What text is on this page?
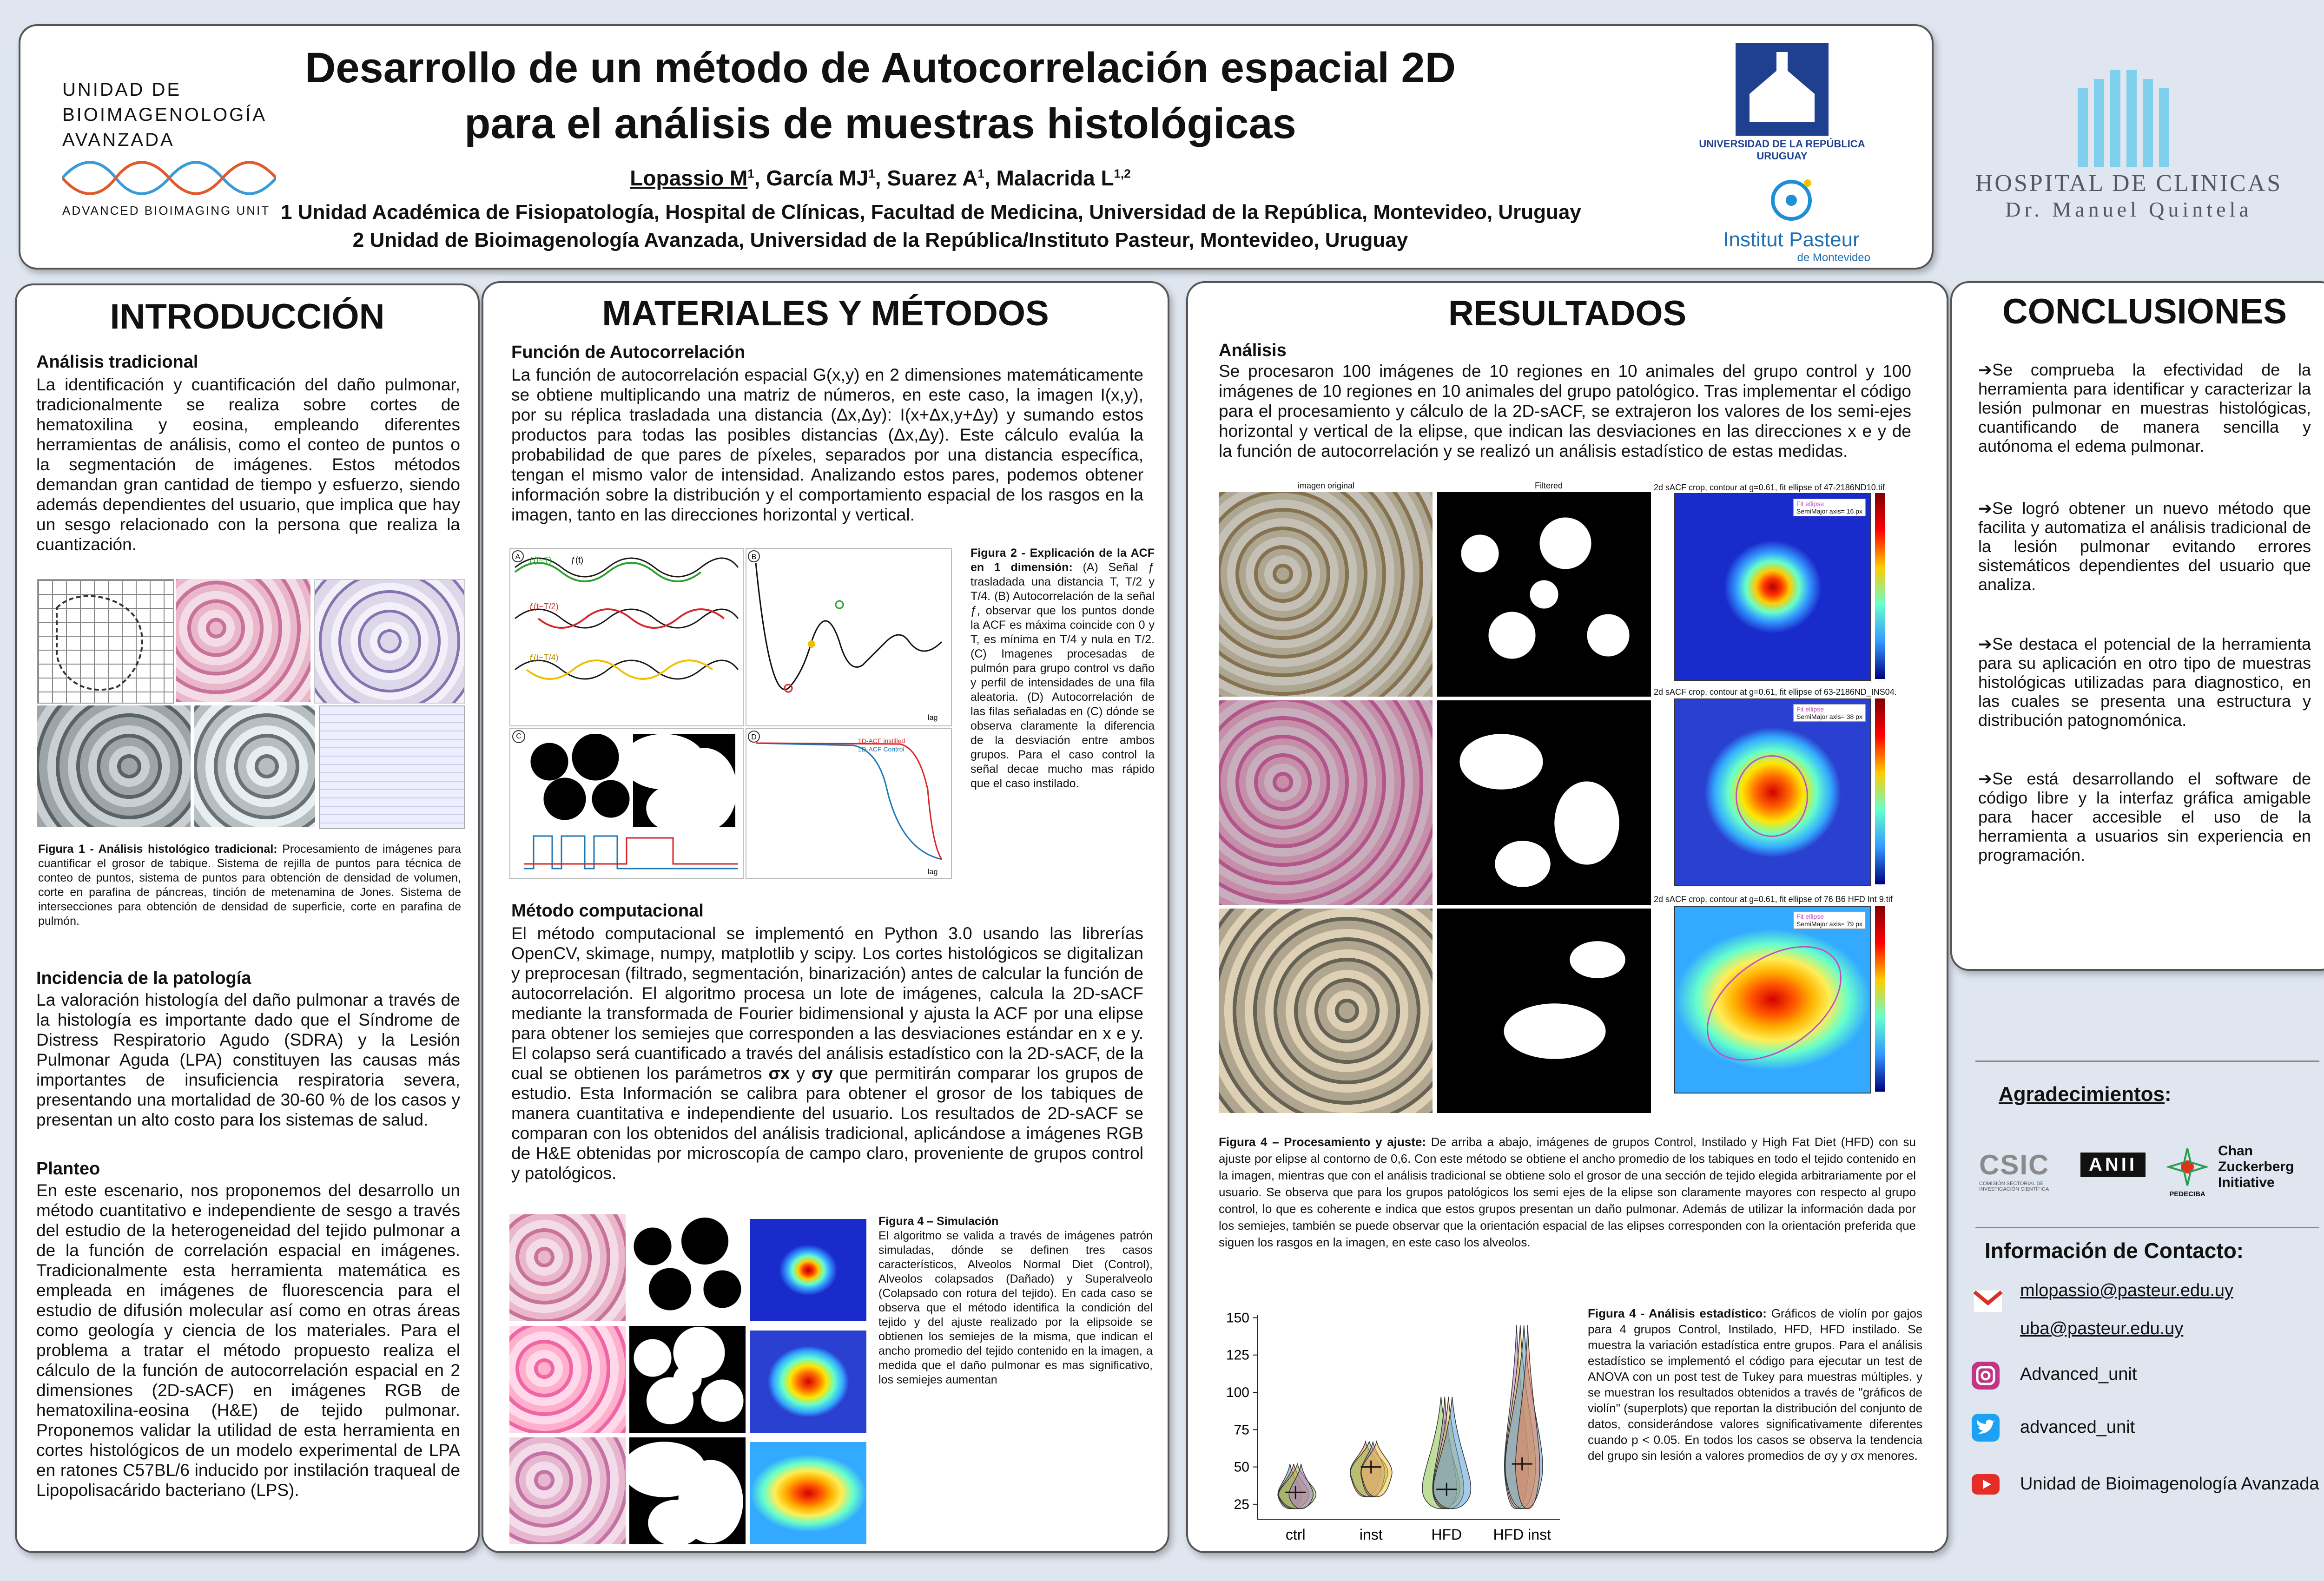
UNIDAD DE
BIOIMAGENOLOGÍA
AVANZADA
ADVANCED BIOIMAGING UNIT
Desarrollo de un método de Autocorrelación espacial 2D
para el análisis de muestras histológicas
Lopassio $M^1$, García $MJ^1$, Suarez $A^1$, Malacrida L$^{1,2}$
1 Unidad Académica de Fisiopatología, Hospital de Clínicas, Facultad de Medicina, Universidad de la República, Montevideo, Uruguay
2 Unidad de Bioimagenología Avanzada, Universidad de la República/Instituto Pasteur, Montevideo, Uruguay
UNIVERSIDAD DE LA REPÚBLICA
URUGUAY
Institut Pasteur
de Montevideo
HOSPITAL DE CLINICAS
Dr. Manuel Quintela
INTRODUCCIÓN
Análisis tradicional
La identificación y cuantificación del daño pulmonar, tradicionalmente se realiza sobre cortes de hematoxilina y eosina, empleando diferentes herramientas de análisis, como el conteo de puntos o la segmentación de imágenes. Estos métodos demandan gran cantidad de tiempo y esfuerzo, siendo además dependientes del usuario, que implica que hay un sesgo relacionado con la persona que realiza la cuantización.
Figura 1 - Análisis histológico tradicional: Procesamiento de imágenes para cuantificar el grosor de tabique. Sistema de rejilla de puntos para técnica de conteo de puntos, sistema de puntos para obtención de densidad de volumen, corte en parafina de páncreas, tinción de metenamina de Jones. Sistema de intersecciones para obtención de densidad de superficie, corte en parafina de pulmón.
Incidencia de la patología
La valoración histología del daño pulmonar a través de la histología es importante dado que el Síndrome de Distress Respiratorio Agudo (SDRA) y la Lesión Pulmonar Aguda (LPA) constituyen las causas más importantes de insuficiencia respiratoria severa, presentando una mortalidad de 30-60 % de los casos y presentan un alto costo para los sistemas de salud.
Planteo
En este escenario, nos proponemos del desarrollo un método cuantitativo e independiente de sesgo a través del estudio de la heterogeneidad del tejido pulmonar a de la función de correlación espacial en imágenes. Tradicionalmente esta herramienta matemática es empleada en imágenes de fluorescencia para el estudio de difusión molecular así como en otras áreas como geología y ciencia de los materiales. Para el problema a tratar el método propuesto realiza el cálculo de la función de autocorrelación espacial en 2 dimensiones (2D-sACF) en imágenes RGB de hematoxilina-eosina (H&E) de tejido pulmonar. Proponemos validar la utilidad de esta herramienta en cortes histológicos de un modelo experimental de LPA en ratones C57BL/6 inducido por instilación traqueal de Lipopolisacárido bacteriano (LPS).
MATERIALES Y MÉTODOS
Función de Autocorrelación
La función de autocorrelación espacial G(x,y) en 2 dimensiones matemáticamente se obtiene multiplicando una matriz de números, en este caso, la imagen I(x,y), por su réplica trasladada una distancia (Δx,Δy): I(x+Δx,y+Δy) y sumando estos productos para todas las posibles distancias (Δx,Δy). Este cálculo evalúa la probabilidad de que pares de píxeles, separados por una distancia específica, tengan el mismo valor de intensidad. Analizando estos pares, podemos obtener información sobre la distribución y el comportamiento espacial de los rasgos en la imagen, tanto en las direcciones horizontal y vertical.
A ƒ(t−T)
ƒ(t−T/2)
ƒ(t−T/4)
ƒ(t)	B
lag
C	D	1D-ACF instilled
1D-ACF Control
lag
Figura 2 - Explicación de la ACF en 1 dimensión: (A) Señal ƒ trasladada una distancia T, T/2 y T/4. (B) Autocorrelación de la señal ƒ, observar que los puntos donde la ACF es máxima coincide con 0 y T, es mínima en T/4 y nula en T/2. (C) Imagenes procesadas de pulmón para grupo control vs daño y perfil de intensidades de una fila aleatoria. (D) Autocorrelación de las filas señaladas en (C) dónde se observa claramente la diferencia de la desviación entre ambos grupos. Para el caso control la señal decae mucho mas rápido que el caso instilado.
Método computacional
El método computacional se implementó en Python 3.0 usando las librerías OpenCV, skimage, numpy, matplotlib y scipy. Los cortes histológicos se digitalizan y preprocesan (filtrado, segmentación, binarización) antes de calcular la función de autocorrelación. El algoritmo procesa un lote de imágenes, calcula la 2D-sACF mediante la transformada de Fourier bidimensional y ajusta la ACF por una elipse para obtener los semiejes que corresponden a las desviaciones estándar en x e y. El colapso será cuantificado a través del análisis estadístico con la 2D-sACF, de la cual se obtienen los parámetros σx y σy que permitirán comparar los grupos de estudio. Esta Información se calibra para obtener el grosor de los tabiques de manera cuantitativa e independiente del usuario. Los resultados de 2D-sACF se comparan con los obtenidos del análisis tradicional, aplicándose a imágenes RGB de H&E obtenidas por microscopía de campo claro, proveniente de grupos control y patológicos.
Figura 4 – Simulación
El algoritmo se valida a través de imágenes patrón simuladas, dónde se definen tres casos característicos, Alveolos Normal Diet (Control), Alveolos colapsados (Dañado) y Superalveolo (Colapsado con rotura del tejido). En cada caso se observa que el método identifica la condición del tejido y del ajuste realizado por la elipsoide se obtienen los semiejes de la misma, que indican el ancho promedio del tejido contenido en la imagen, a medida que el daño pulmonar es mas significativo, los semiejes aumentan
RESULTADOS
Análisis
Se procesaron 100 imágenes de 10 regiones en 10 animales del grupo control y 100 imágenes de 10 regiones en 10 animales del grupo patológico. Tras implementar el código para el procesamiento y cálculo de la 2D-sACF, se extrajeron los valores de los semi-ejes horizontal y vertical de la elipse, que indican las desviaciones en las direcciones x e y de la función de autocorrelación y se realizó un análisis estadístico de estas medidas.
imagen original	Filtered	2d sACF crop, contour at g=0.61, fit ellipse of 47-2186ND10.tif
Fit ellipse
SemiMajor axis= 16 px
2d sACF crop, contour at g=0.61, fit ellipse of 63-2186ND_INS04.
Fit ellipse
SemiMajor axis= 38 px
2d sACF crop, contour at g=0.61, fit ellipse of 76 B6 HFD Int 9.tif
Fit ellipse
SemiMajor axis= 79 px
Figura 4 – Procesamiento y ajuste: De arriba a abajo, imágenes de grupos Control, Instilado y High Fat Diet (HFD) con su ajuste por elipse al contorno de 0,6. Con este método se obtiene el ancho promedio de los tabiques en todo el tejido contenido en la imagen, mientras que con el análisis tradicional se obtiene solo el grosor de una sección de tejido elegida arbitrariamente por el usuario. Se observa que para los grupos patológicos los semi ejes de la elipse son claramente mayores con respecto al grupo control, lo que es coherente e indica que estos grupos presentan un daño pulmonar. Además de utilizar la información dada por los semiejes, también se puede observar que la orientación espacial de las elipses corresponden con la orientación preferida que siguen los rasgos en la imagen, en este caso los alveolos.
25
50
75
100
125
150
ctrl	inst	HFD HFD inst
Figura 4 - Análisis estadístico: Gráficos de violín por gajos para 4 grupos Control, Instilado, HFD, HFD instilado. Se muestra la variación estadística entre grupos. Para el análisis estadístico se implementó el código para ejecutar un test de ANOVA con un post test de Tukey para muestras múltiples. y se muestran los resultados obtenidos a través de "gráficos de violín" (superplots) que reportan la distribución del conjunto de datos, considerándose valores significativamente diferentes cuando p < 0.05. En todos los casos se observa la tendencia del grupo sin lesión a valores promedios de σy y σx menores.
CONCLUSIONES
➔Se comprueba la efectividad de la herramienta para identificar y caracterizar la lesión pulmonar en muestras histológicas, cuantificando de manera sencilla y autónoma el edema pulmonar.
➔Se logró obtener un nuevo método que facilita y automatiza el análisis tradicional de la lesión pulmonar evitando errores sistemáticos dependientes del usuario que analiza.
➔Se destaca el potencial de la herramienta para su aplicación en otro tipo de muestras histológicas utilizadas para diagnostico, en las cuales se presenta una estructura y distribución patognomónica.
➔Se está desarrollando el software de código libre y la interfaz gráfica amigable para hacer accesible el uso de la herramienta a usuarios sin experiencia en programación.
Agradecimientos:
CSIC
COMISIÓN SECTORIAL DE INVESTIGACIÓN CIENTÍFICA
ANII
PEDECIBA
Chan
Zuckerberg
Initiative
Información de Contacto:
mlopassio@pasteur.edu.uy
uba@pasteur.edu.uy
Advanced_unit
advanced_unit
Unidad de Bioimagenología Avanzada
